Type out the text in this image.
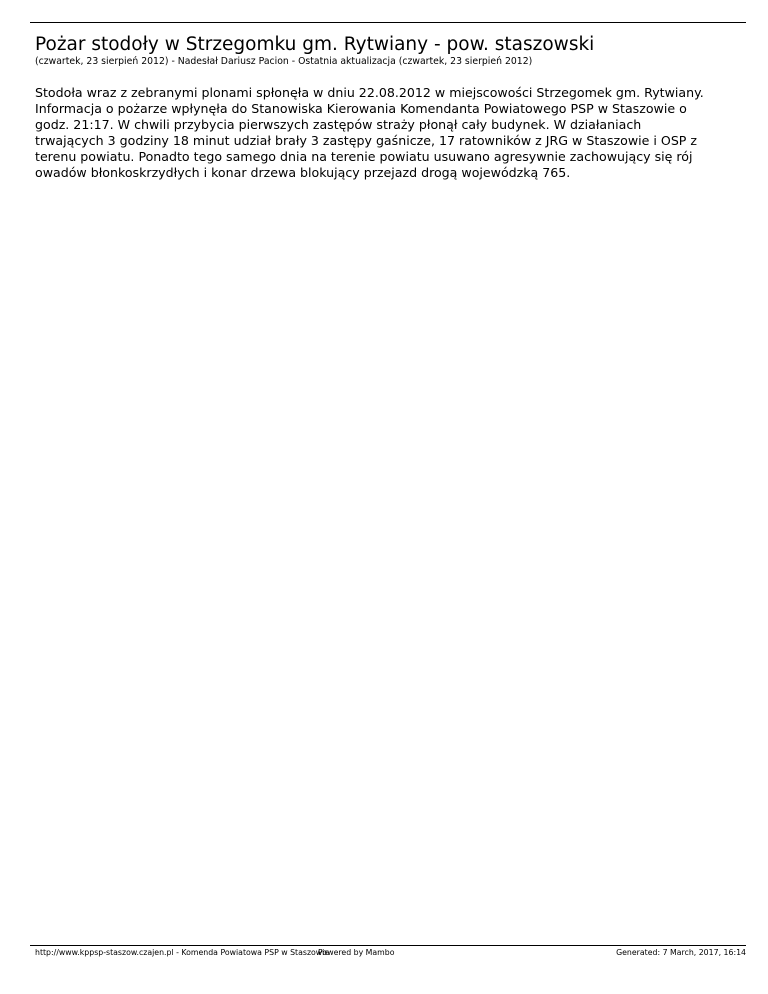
Pożar stodoły w Strzegomku gm. Rytwiany - pow. staszowski
(czwartek, 23 sierpień 2012) - Nadesłał Dariusz Pacion - Ostatnia aktualizacja (czwartek, 23 sierpień 2012)

Stodoła wraz z zebranymi plonami spłonęła w dniu 22.08.2012 w miejscowości Strzegomek gm. Rytwiany.
Informacja o pożarze wpłynęła do Stanowiska Kierowania Komendanta Powiatowego PSP w Staszowie o
godz. 21:17. W chwili przybycia pierwszych zastępów straży płonął cały budynek. W działaniach
trwających 3 godziny 18 minut udział brały 3 zastępy gaśnicze, 17 ratowników z JRG w Staszowie i OSP z
terenu powiatu. Ponadto tego samego dnia na terenie powiatu usuwano agresywnie zachowujący się rój
owadów błonkoskrzydłych i konar drzewa blokujący przejazd drogą wojewódzką 765.

http://www.kppsp-staszow.czajen.pl - Komenda Powiatowa PSP w Staszowie
Powered by Mambo	Generated: 7 March, 2017, 16:14
